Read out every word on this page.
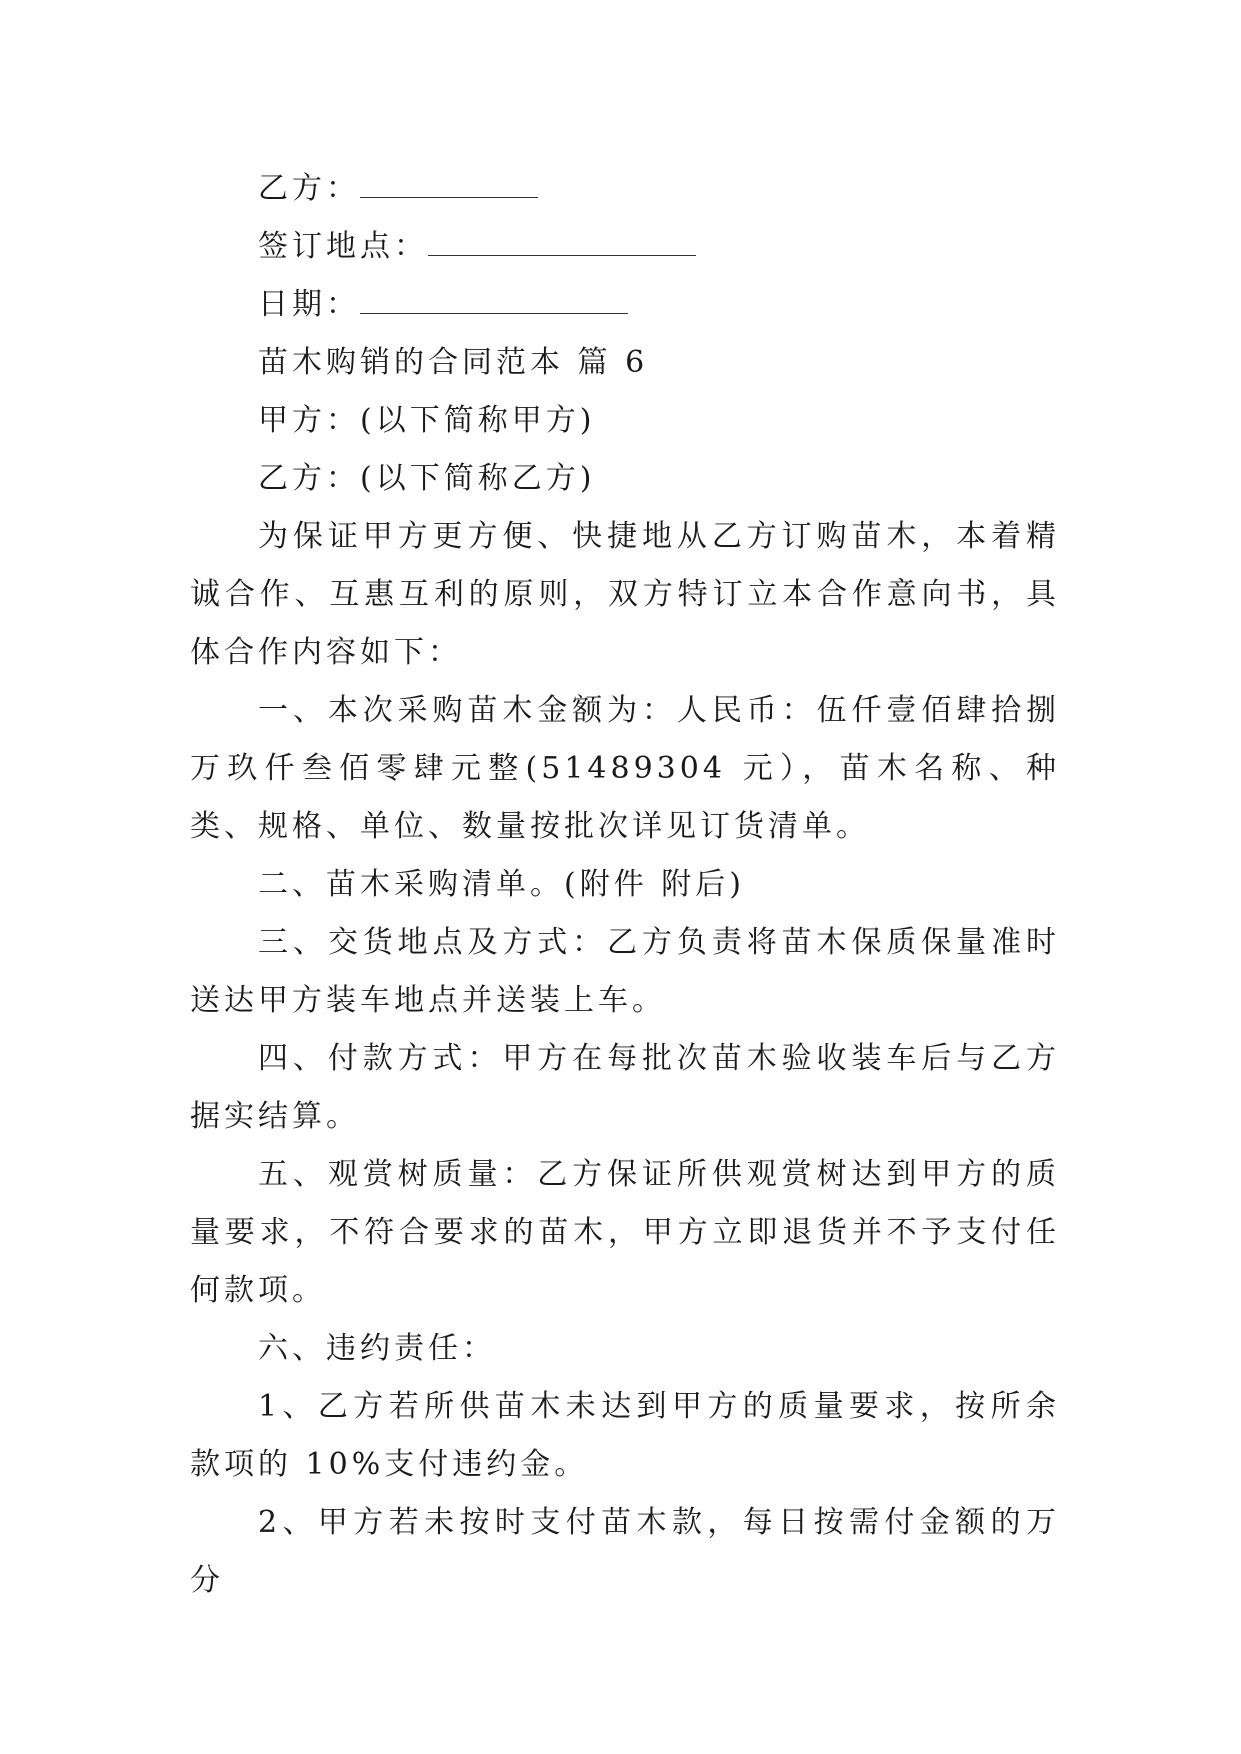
乙方：

签订地点：

日期：

苗木购销的合同范本 篇 6

甲方：(以下简称甲方)

乙方：(以下简称乙方)

为保证甲方更方便、快捷地从乙方订购苗木，本着精诚合作、互惠互利的原则，双方特订立本合作意向书，具体合作内容如下：

一、本次采购苗木金额为：人民币：伍仟壹佰肆拾捌万玖仟叁佰零肆元整(51489304 元），苗木名称、种类、规格、单位、数量按批次详见订货清单。

二、苗木采购清单。(附件 附后)

三、交货地点及方式：乙方负责将苗木保质保量准时送达甲方装车地点并送装上车。

四、付款方式：甲方在每批次苗木验收装车后与乙方据实结算。

五、观赏树质量：乙方保证所供观赏树达到甲方的质量要求，不符合要求的苗木，甲方立即退货并不予支付任何款项。

六、违约责任：

1、乙方若所供苗木未达到甲方的质量要求，按所余款项的 10%支付违约金。

2、甲方若未按时支付苗木款，每日按需付金额的万分
